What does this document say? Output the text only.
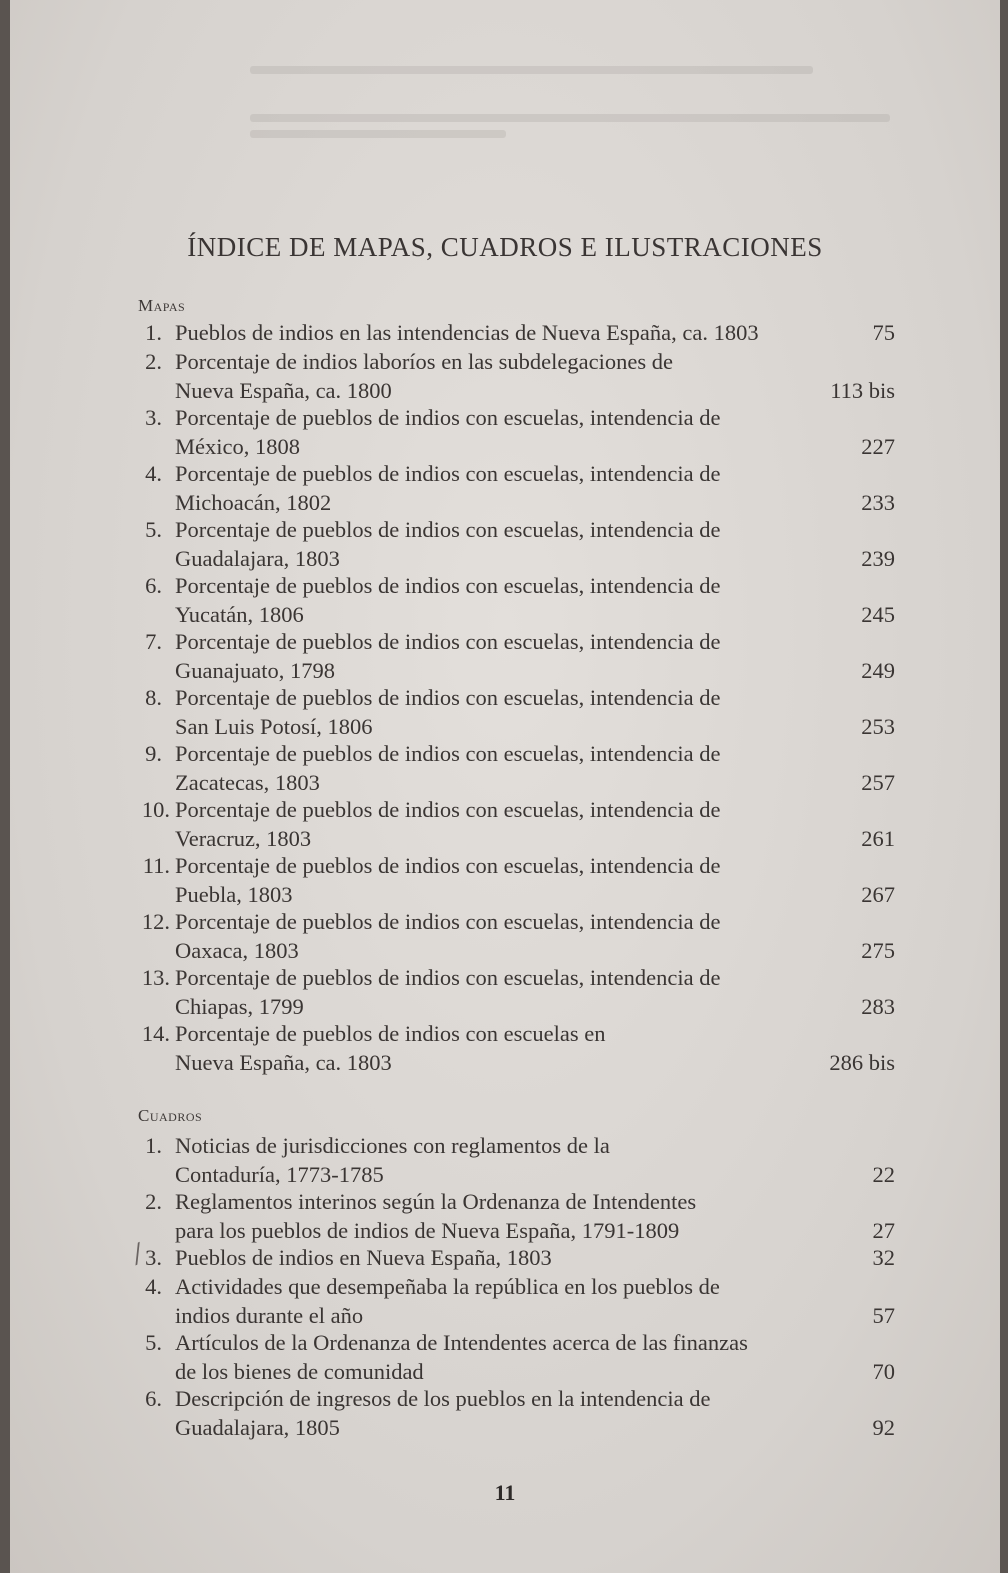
ÍNDICE DE MAPAS, CUADROS E ILUSTRACIONES
Mapas
1. Pueblos de indios en las intendencias de Nueva España, ca. 1803	75
2. Porcentaje de indios laboríos en las subdelegaciones de
Nueva España, ca. 1800	113 bis
3. Porcentaje de pueblos de indios con escuelas, intendencia de
México, 1808	227
4. Porcentaje de pueblos de indios con escuelas, intendencia de
Michoacán, 1802	233
5. Porcentaje de pueblos de indios con escuelas, intendencia de
Guadalajara, 1803	239
6. Porcentaje de pueblos de indios con escuelas, intendencia de
Yucatán, 1806	245
7. Porcentaje de pueblos de indios con escuelas, intendencia de
Guanajuato, 1798	249
8. Porcentaje de pueblos de indios con escuelas, intendencia de
San Luis Potosí, 1806	253
9. Porcentaje de pueblos de indios con escuelas, intendencia de
Zacatecas, 1803	257
10. Porcentaje de pueblos de indios con escuelas, intendencia de
Veracruz, 1803	261
11. Porcentaje de pueblos de indios con escuelas, intendencia de
Puebla, 1803	267
12. Porcentaje de pueblos de indios con escuelas, intendencia de
Oaxaca, 1803	275
13. Porcentaje de pueblos de indios con escuelas, intendencia de
Chiapas, 1799	283
14. Porcentaje de pueblos de indios con escuelas en
Nueva España, ca. 1803	286 bis
Cuadros
1. Noticias de jurisdicciones con reglamentos de la
Contaduría, 1773-1785	22
2. Reglamentos interinos según la Ordenanza de Intendentes
para los pueblos de indios de Nueva España, 1791-1809	27
3. Pueblos de indios en Nueva España, 1803	32
4. Actividades que desempeñaba la república en los pueblos de
indios durante el año	57
5. Artículos de la Ordenanza de Intendentes acerca de las finanzas
de los bienes de comunidad	70
6. Descripción de ingresos de los pueblos en la intendencia de
Guadalajara, 1805	92
⁄
11
